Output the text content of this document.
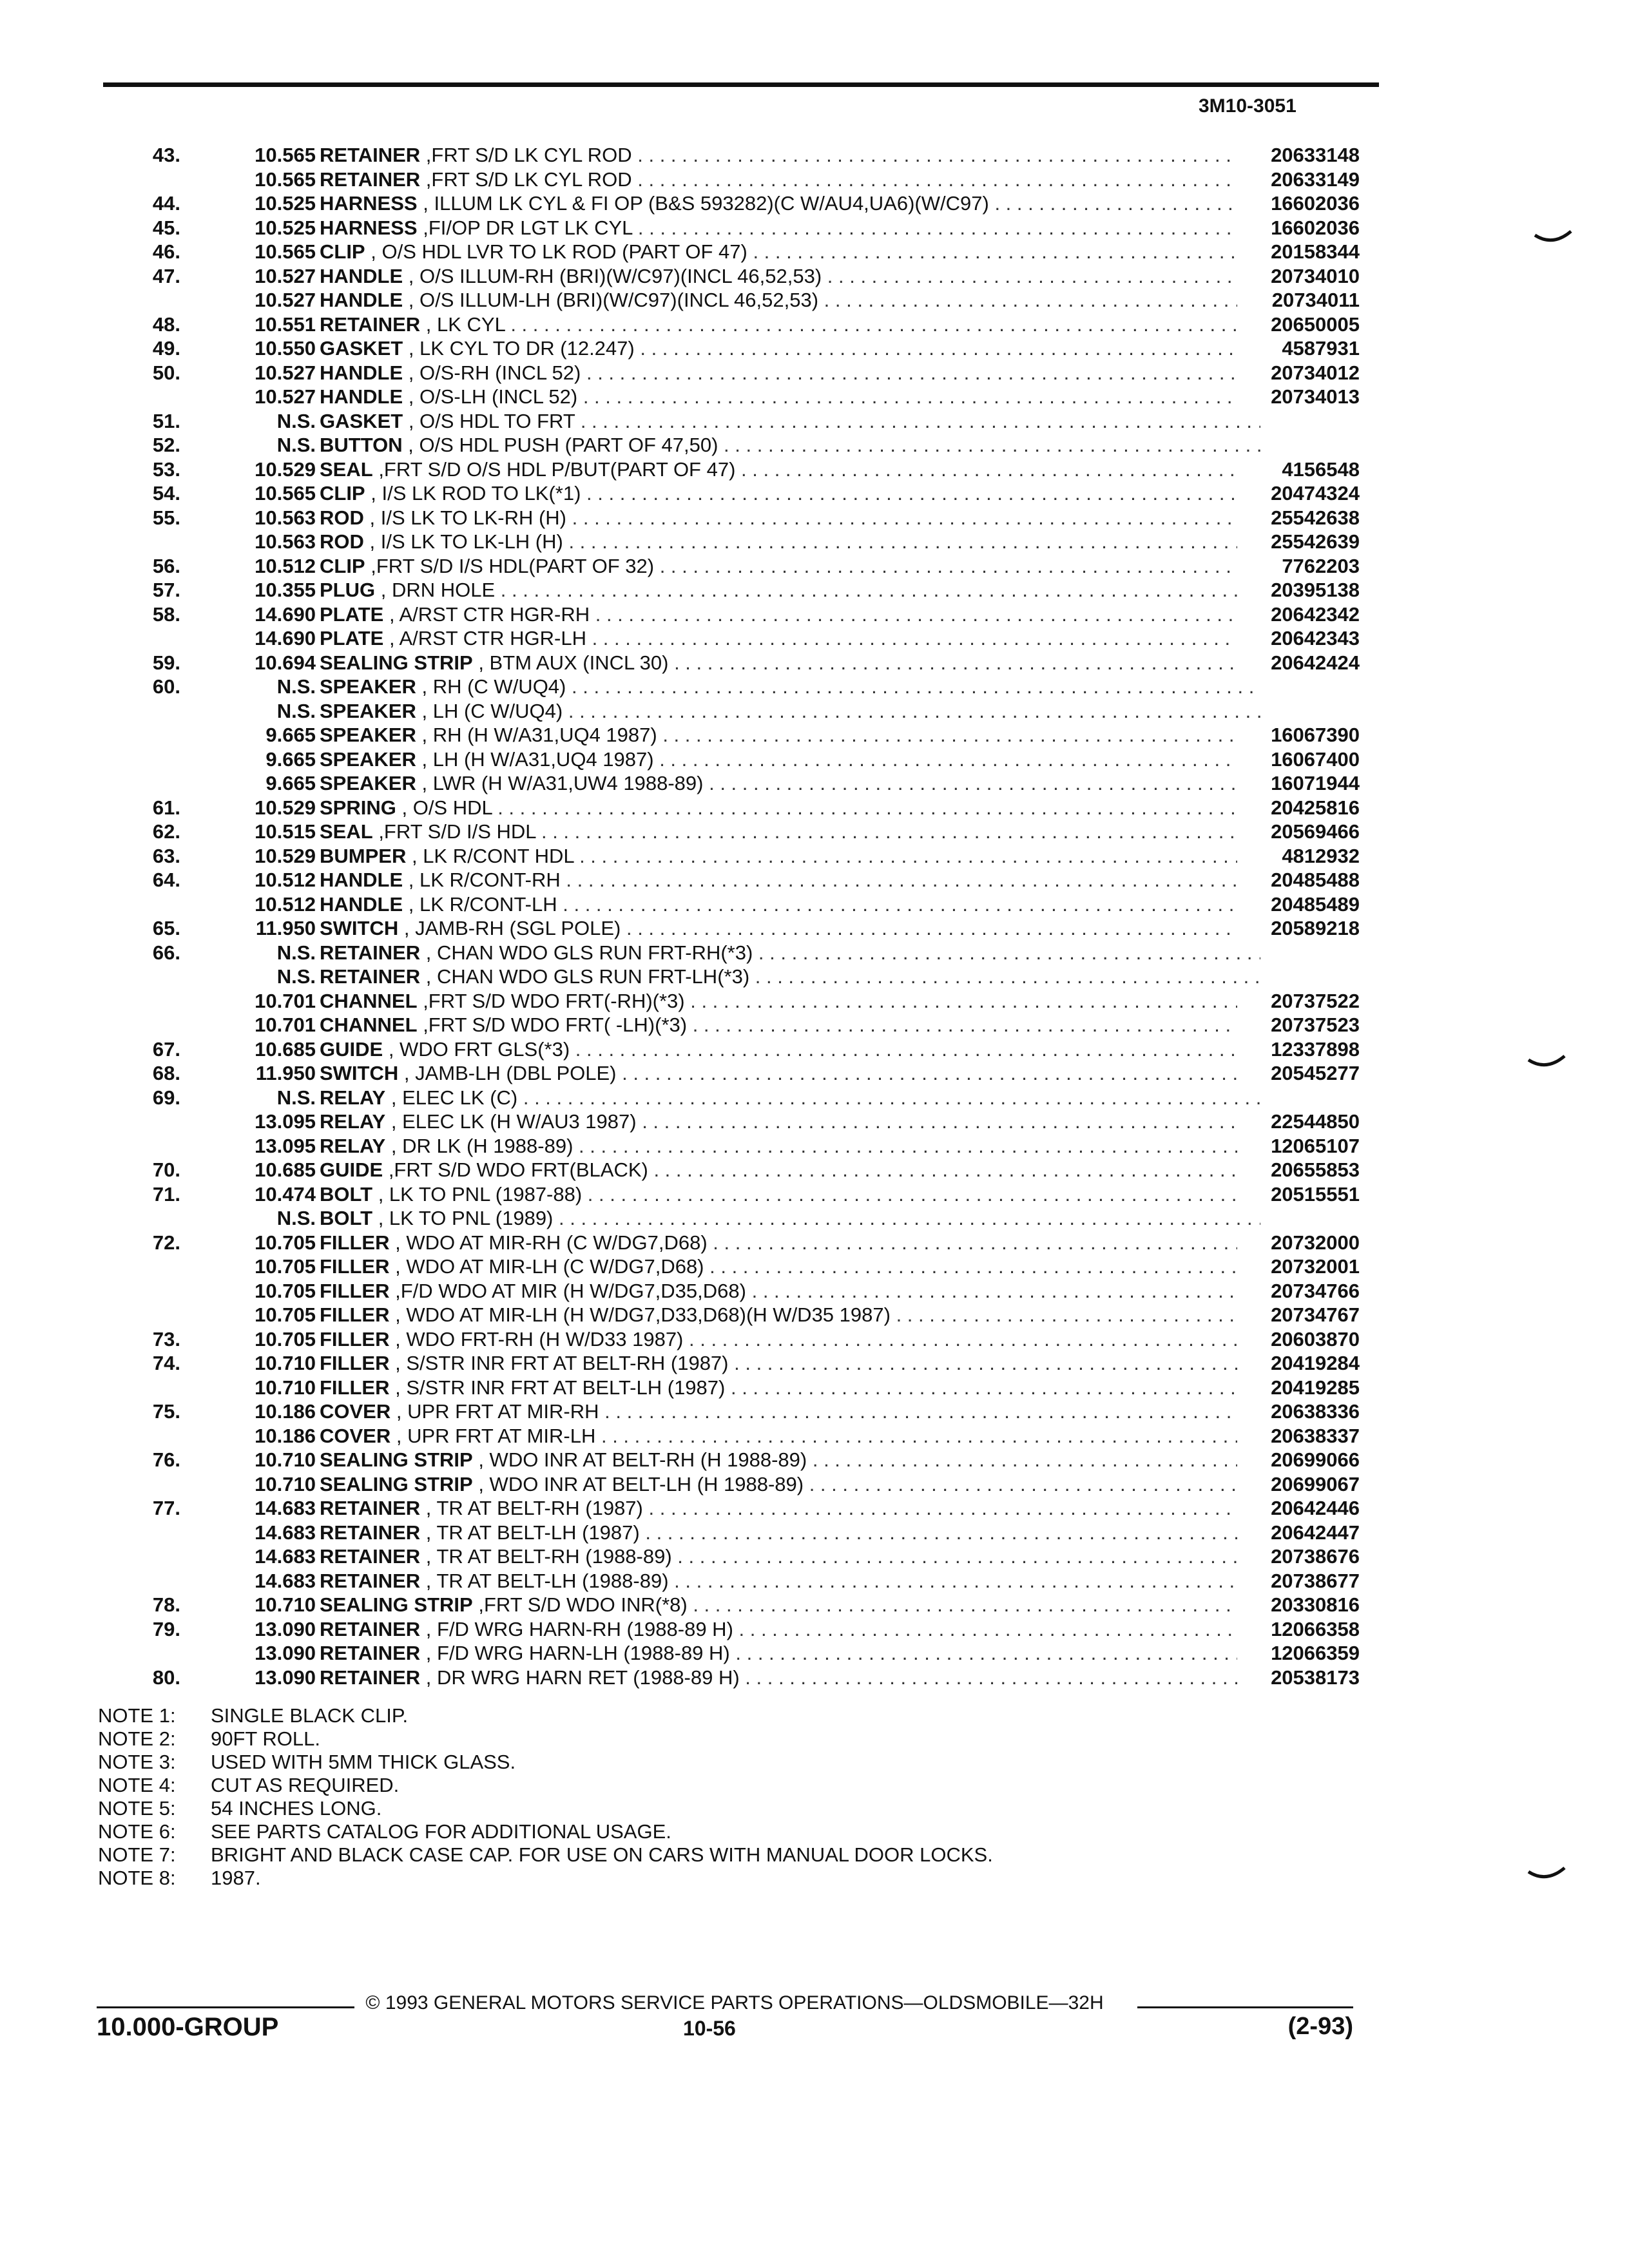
3M10-3051
43.	10.565 RETAINER ,FRT S/D LK CYL ROD . . .	20633148
10.565 RETAINER ,FRT S/D LK CYL ROD . . .	20633149
44.	10.525 HARNESS , ILLUM LK CYL & FI OP (B&S 593282)(C W/AU4,UA6)(W/C97) . . .	16602036
45.	10.525 HARNESS ,FI/OP DR LGT LK CYL . . .	16602036
46.	10.565 CLIP , O/S HDL LVR TO LK ROD (PART OF 47) . . .	20158344
47.	10.527 HANDLE , O/S ILLUM-RH (BRI)(W/C97)(INCL 46,52,53) . . .	20734010
10.527 HANDLE , O/S ILLUM-LH (BRI)(W/C97)(INCL 46,52,53) . . .	20734011
48.	10.551 RETAINER , LK CYL . . .	20650005
49.	10.550 GASKET , LK CYL TO DR (12.247) . . .	4587931
50.	10.527 HANDLE , O/S-RH (INCL 52) . . .	20734012
10.527 HANDLE , O/S-LH (INCL 52) . . .	20734013
51.	N.S. GASKET , O/S HDL TO FRT . . .
52.	N.S. BUTTON , O/S HDL PUSH (PART OF 47,50) . . .
53.	10.529 SEAL ,FRT S/D O/S HDL P/BUT(PART OF 47) . . .	4156548
54.	10.565 CLIP , I/S LK ROD TO LK(*1) . . .	20474324
55.	10.563 ROD , I/S LK TO LK-RH (H) . . .	25542638
10.563 ROD , I/S LK TO LK-LH (H) . . .	25542639
56.	10.512 CLIP ,FRT S/D I/S HDL(PART OF 32) . . .	7762203
57.	10.355 PLUG , DRN HOLE . . .	20395138
58.	14.690 PLATE , A/RST CTR HGR-RH . . .	20642342
14.690 PLATE , A/RST CTR HGR-LH . . .	20642343
59.	10.694 SEALING STRIP , BTM AUX (INCL 30) . . .	20642424
60.	N.S. SPEAKER , RH (C W/UQ4) . . .
N.S. SPEAKER , LH (C W/UQ4) . . .
9.665 SPEAKER , RH (H W/A31,UQ4 1987) . . .	16067390
9.665 SPEAKER , LH (H W/A31,UQ4 1987) . . .	16067400
9.665 SPEAKER , LWR (H W/A31,UW4 1988-89) . . .	16071944
61.	10.529 SPRING , O/S HDL . . .	20425816
62.	10.515 SEAL ,FRT S/D I/S HDL . . .	20569466
63.	10.529 BUMPER , LK R/CONT HDL . . .	4812932
64.	10.512 HANDLE , LK R/CONT-RH . . .	20485488
10.512 HANDLE , LK R/CONT-LH . . .	20485489
65.	11.950 SWITCH , JAMB-RH (SGL POLE) . . .	20589218
66.	N.S. RETAINER , CHAN WDO GLS RUN FRT-RH(*3) . . .
N.S. RETAINER , CHAN WDO GLS RUN FRT-LH(*3) . . .
10.701 CHANNEL ,FRT S/D WDO FRT(-RH)(*3) . . .	20737522
10.701 CHANNEL ,FRT S/D WDO FRT( -LH)(*3) . . .	20737523
67.	10.685 GUIDE , WDO FRT GLS(*3) . . .	12337898
68.	11.950 SWITCH , JAMB-LH (DBL POLE) . . .	20545277
69.	N.S. RELAY , ELEC LK (C) . . .
13.095 RELAY , ELEC LK (H W/AU3 1987) . . .	22544850
13.095 RELAY , DR LK (H 1988-89) . . .	12065107
70.	10.685 GUIDE ,FRT S/D WDO FRT(BLACK) . . .	20655853
71.	10.474 BOLT , LK TO PNL (1987-88) . . .	20515551
N.S. BOLT , LK TO PNL (1989) . . .
72.	10.705 FILLER , WDO AT MIR-RH (C W/DG7,D68) . . .	20732000
10.705 FILLER , WDO AT MIR-LH (C W/DG7,D68) . . .	20732001
10.705 FILLER ,F/D WDO AT MIR (H W/DG7,D35,D68) . . .	20734766
10.705 FILLER , WDO AT MIR-LH (H W/DG7,D33,D68)(H W/D35 1987) . . .	20734767
73.	10.705 FILLER , WDO FRT-RH (H W/D33 1987) . . .	20603870
74.	10.710 FILLER , S/STR INR FRT AT BELT-RH (1987) . . .	20419284
10.710 FILLER , S/STR INR FRT AT BELT-LH (1987) . . .	20419285
75.	10.186 COVER , UPR FRT AT MIR-RH . . .	20638336
10.186 COVER , UPR FRT AT MIR-LH . . .	20638337
76.	10.710 SEALING STRIP , WDO INR AT BELT-RH (H 1988-89) . . .	20699066
10.710 SEALING STRIP , WDO INR AT BELT-LH (H 1988-89) . . .	20699067
77.	14.683 RETAINER , TR AT BELT-RH (1987) . . .	20642446
14.683 RETAINER , TR AT BELT-LH (1987) . . .	20642447
14.683 RETAINER , TR AT BELT-RH (1988-89) . . .	20738676
14.683 RETAINER , TR AT BELT-LH (1988-89) . . .	20738677
78.	10.710 SEALING STRIP ,FRT S/D WDO INR(*8) . . .	20330816
79.	13.090 RETAINER , F/D WRG HARN-RH (1988-89 H) . . .	12066358
13.090 RETAINER , F/D WRG HARN-LH (1988-89 H) . . .	12066359
80.	13.090 RETAINER , DR WRG HARN RET (1988-89 H) . . .	20538173
NOTE 1: SINGLE BLACK CLIP.
NOTE 2: 90FT ROLL.
NOTE 3: USED WITH 5MM THICK GLASS.
NOTE 4: CUT AS REQUIRED.
NOTE 5: 54 INCHES LONG.
NOTE 6: SEE PARTS CATALOG FOR ADDITIONAL USAGE.
NOTE 7: BRIGHT AND BLACK CASE CAP. FOR USE ON CARS WITH MANUAL DOOR LOCKS.
NOTE 8: 1987.
© 1993 GENERAL MOTORS SERVICE PARTS OPERATIONS—OLDSMOBILE—32H
10.000-GROUP	10-56	(2-93)
